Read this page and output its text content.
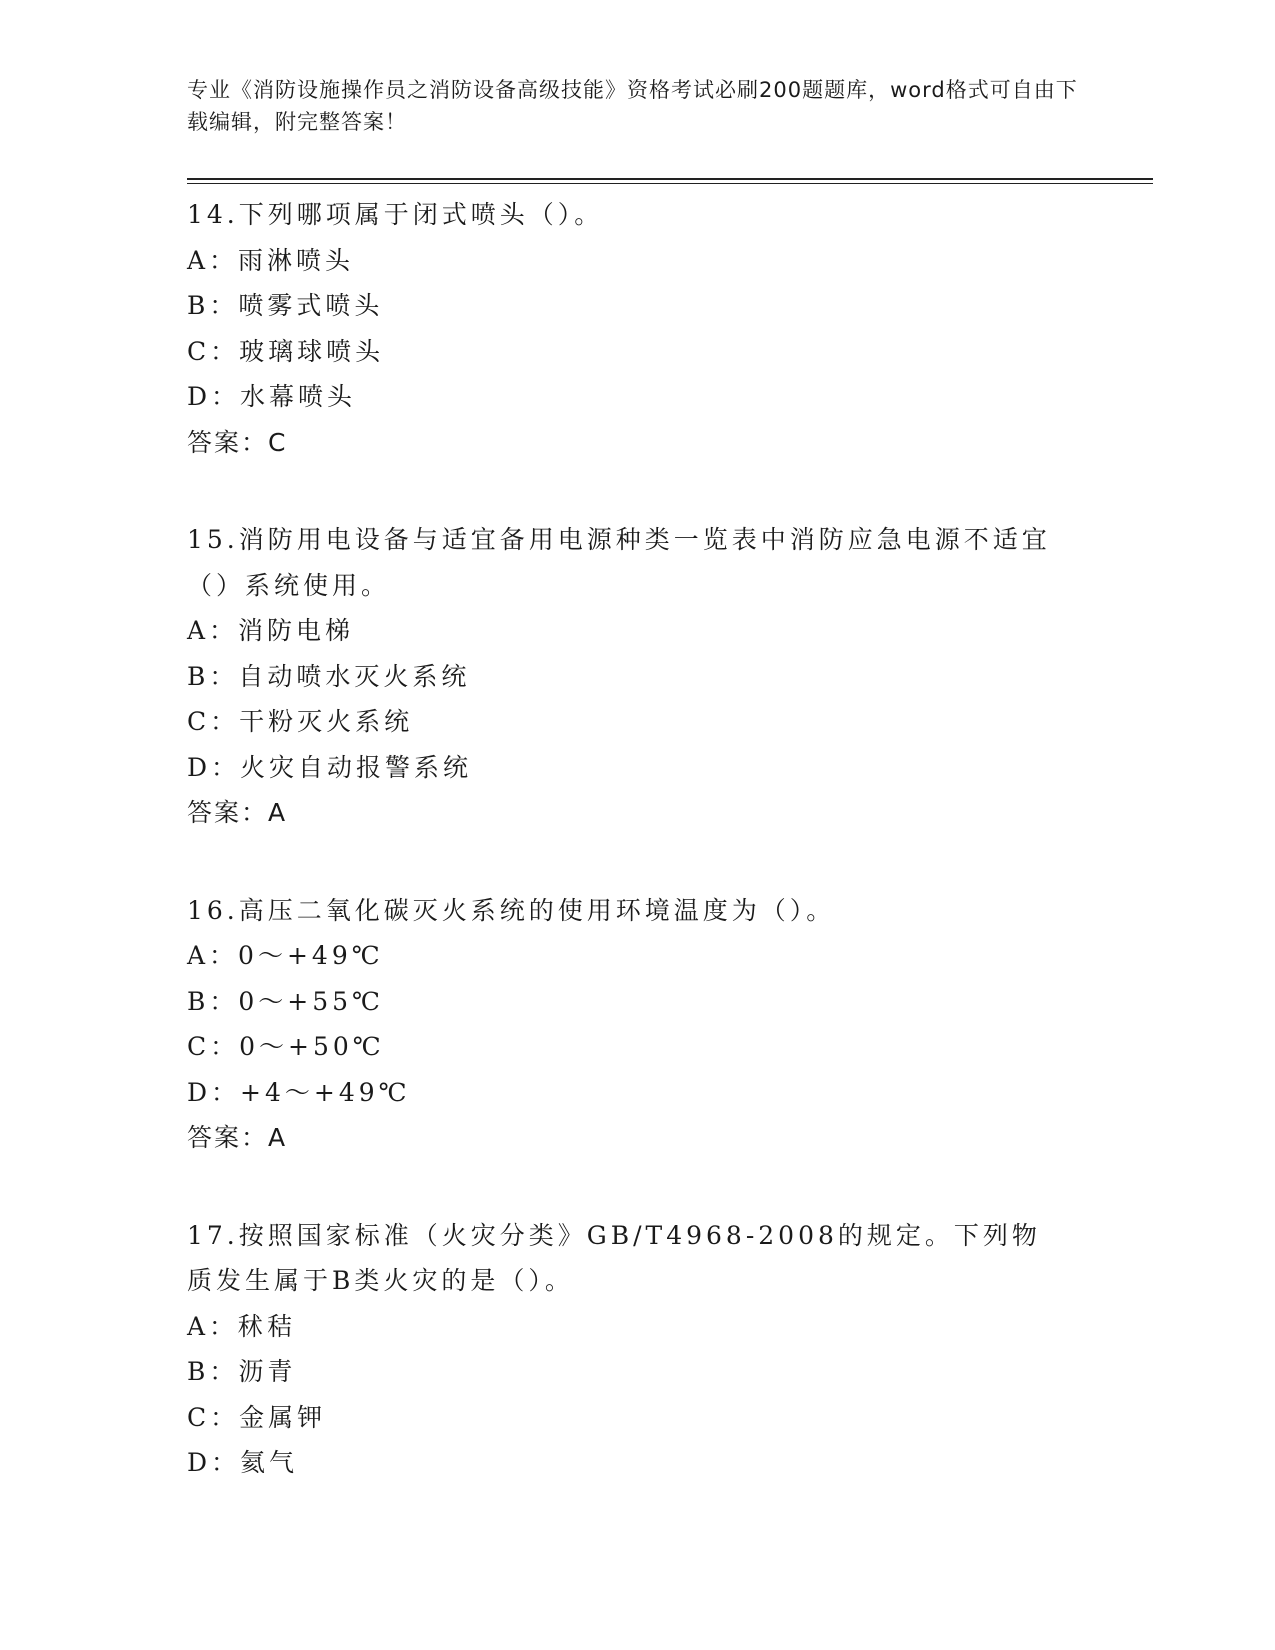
专业《消防设施操作员之消防设备高级技能》资格考试必刷200题题库，word格式可自由下载编辑，附完整答案！
14.下列哪项属于闭式喷头（）。
A：雨淋喷头
B：喷雾式喷头
C：玻璃球喷头
D：水幕喷头
答案：C
15.消防用电设备与适宜备用电源种类一览表中消防应急电源不适宜（）系统使用。
A：消防电梯
B：自动喷水灭火系统
C：干粉灭火系统
D：火灾自动报警系统
答案：A
16.高压二氧化碳灭火系统的使用环境温度为（）。
A：0～+49℃
B：0～+55℃
C：0～+50℃
D：+4～+49℃
答案：A
17.按照国家标准（火灾分类》GB/T4968-2008的规定。下列物质发生属于B类火灾的是（）。
A：秫秸
B：沥青
C：金属钾
D：氦气
